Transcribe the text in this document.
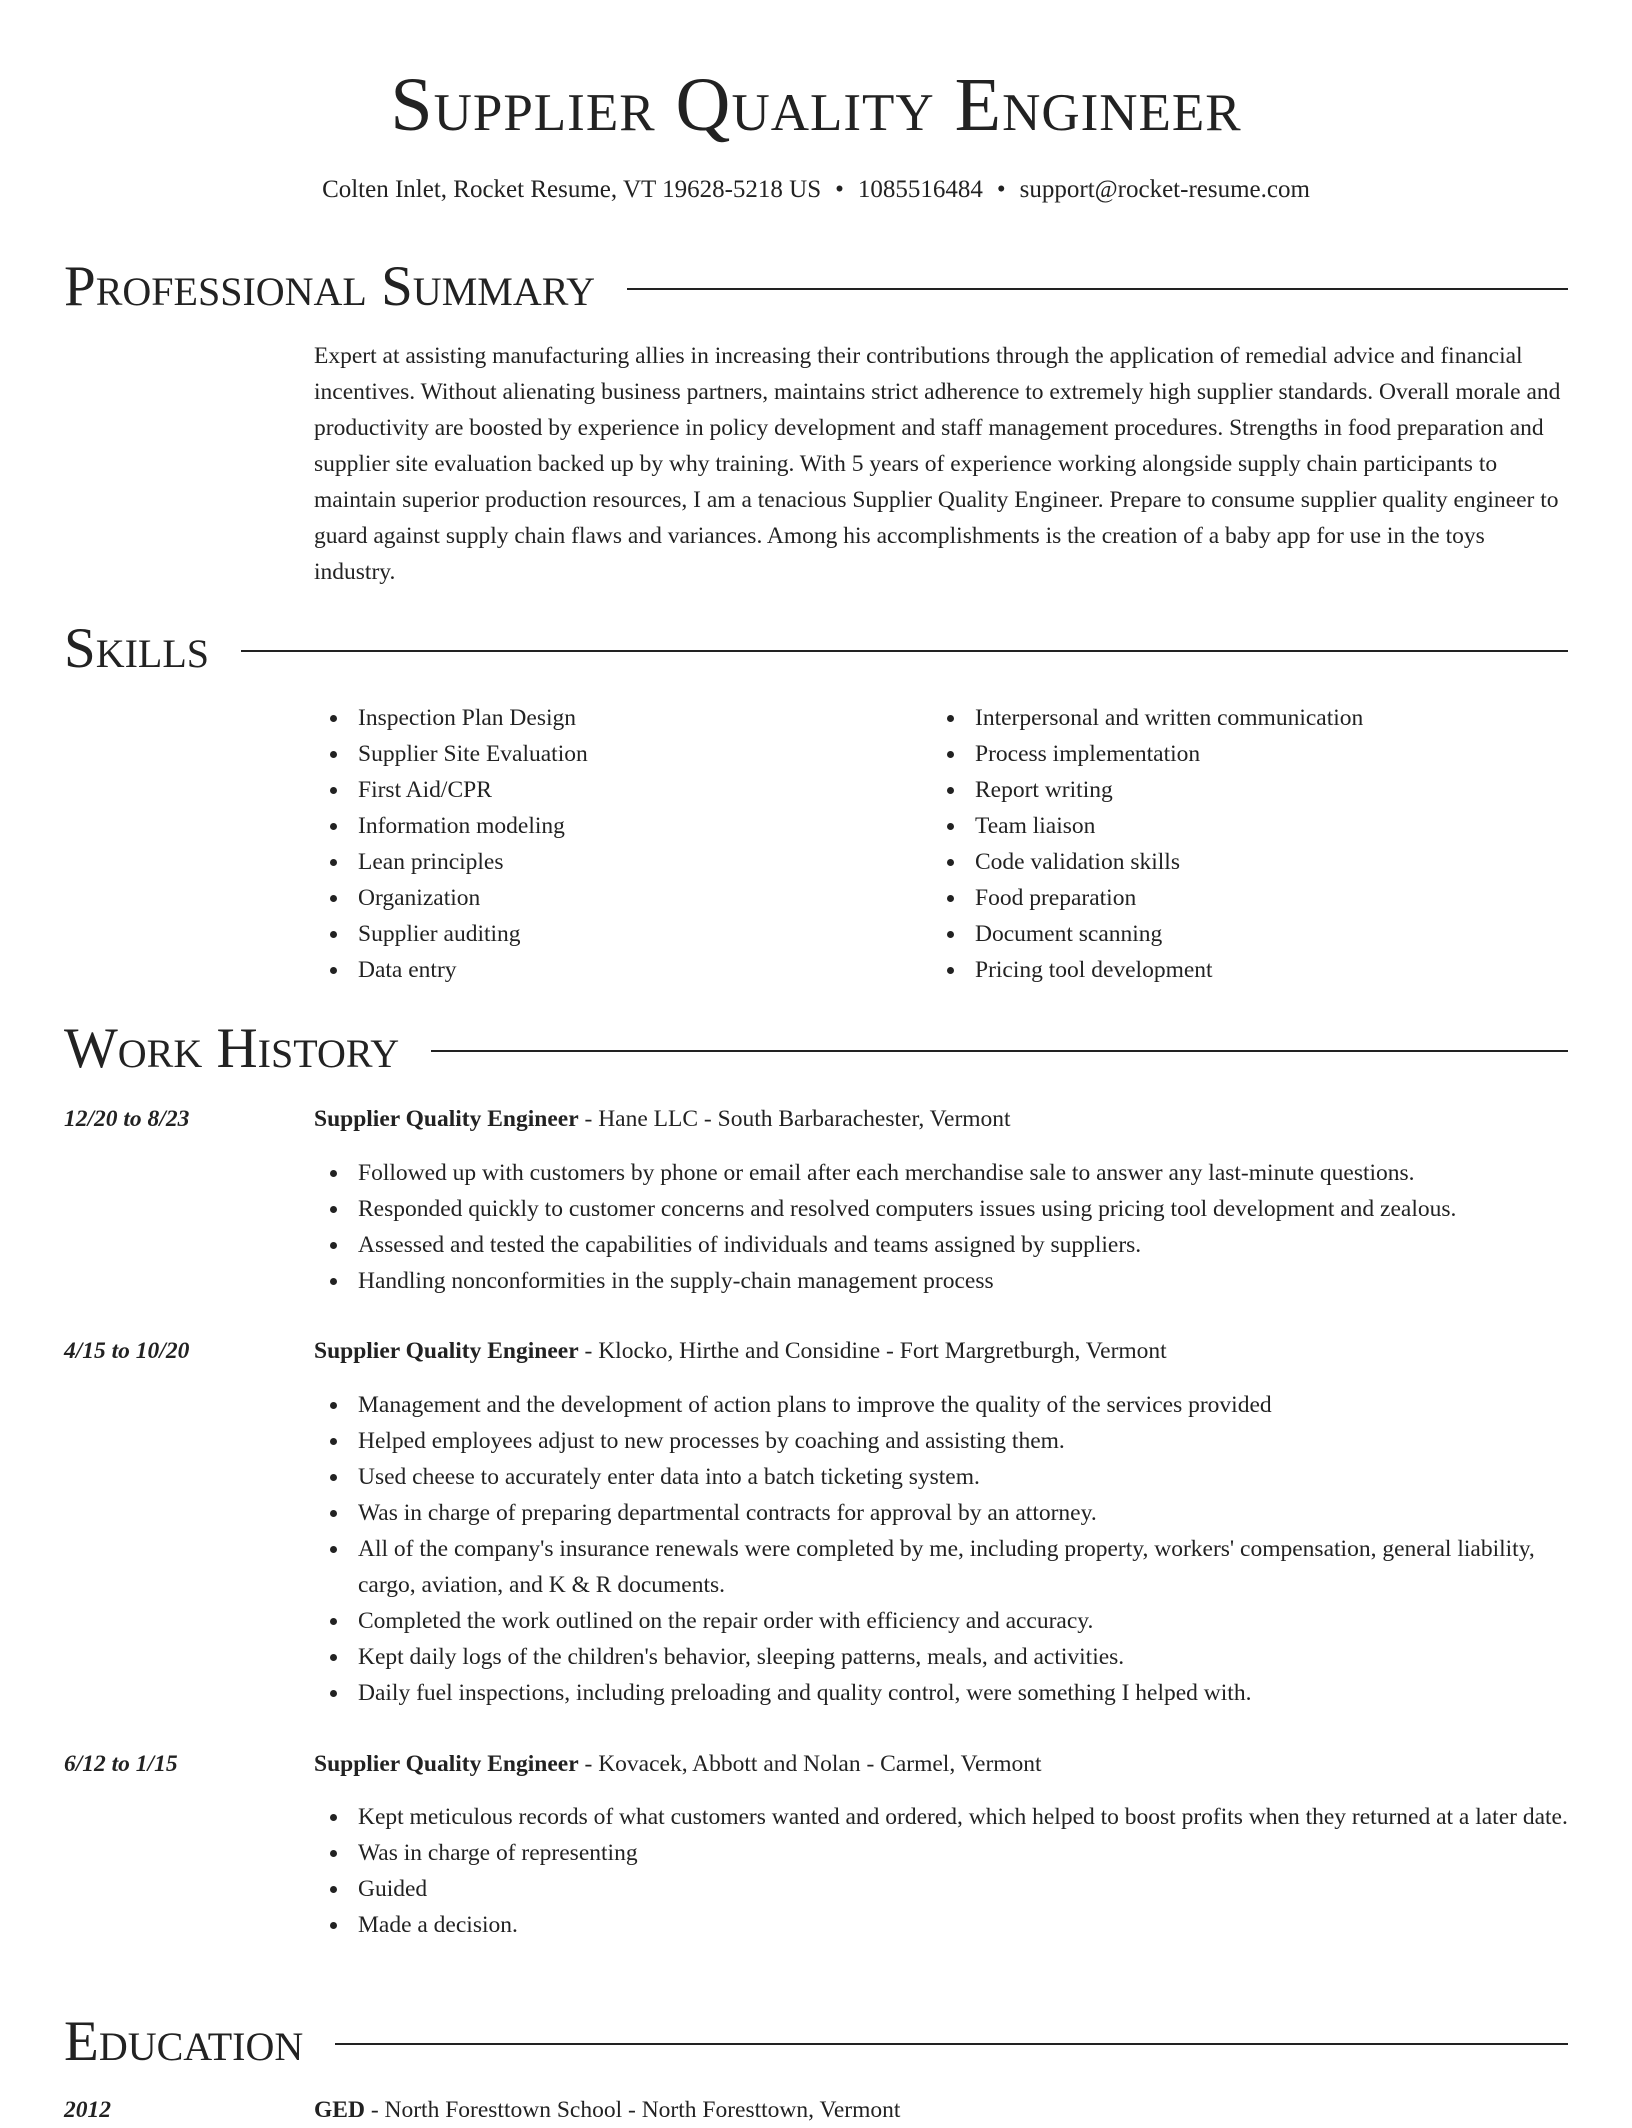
Supplier Quality Engineer
Colten Inlet, Rocket Resume, VT 19628-5218 US • 1085516484 • support@rocket-resume.com
Professional Summary

Expert at assisting manufacturing allies in increasing their contributions through the application of remedial advice and financial incentives. Without alienating business partners, maintains strict adherence to extremely high supplier standards. Overall morale and productivity are boosted by experience in policy development and staff management procedures. Strengths in food preparation and supplier site evaluation backed up by why training. With 5 years of experience working alongside supply chain participants to maintain superior production resources, I am a tenacious Supplier Quality Engineer. Prepare to consume supplier quality engineer to guard against supply chain flaws and variances. Among his accomplishments is the creation of a baby app for use in the toys industry.

Skills
Inspection Plan Design
Supplier Site Evaluation
First Aid/CPR
Information modeling
Lean principles
Organization
Supplier auditing
Data entry
Interpersonal and written communication
Process implementation
Report writing
Team liaison
Code validation skills
Food preparation
Document scanning
Pricing tool development
Work History
12/20 to 8/23	Supplier Quality Engineer - Hane LLC - South Barbarachester, Vermont
Followed up with customers by phone or email after each merchandise sale to answer any last-minute questions.
Responded quickly to customer concerns and resolved computers issues using pricing tool development and zealous.
Assessed and tested the capabilities of individuals and teams assigned by suppliers.
Handling nonconformities in the supply-chain management process
4/15 to 10/20	Supplier Quality Engineer - Klocko, Hirthe and Considine - Fort Margretburgh, Vermont
Management and the development of action plans to improve the quality of the services provided
Helped employees adjust to new processes by coaching and assisting them.
Used cheese to accurately enter data into a batch ticketing system.
Was in charge of preparing departmental contracts for approval by an attorney.
All of the company's insurance renewals were completed by me, including property, workers' compensation, general liability, cargo, aviation, and K & R documents.
Completed the work outlined on the repair order with efficiency and accuracy.
Kept daily logs of the children's behavior, sleeping patterns, meals, and activities.
Daily fuel inspections, including preloading and quality control, were something I helped with.
6/12 to 1/15	Supplier Quality Engineer - Kovacek, Abbott and Nolan - Carmel, Vermont
Kept meticulous records of what customers wanted and ordered, which helped to boost profits when they returned at a later date.
Was in charge of representing
Guided
Made a decision.
Education
2012	GED - North Foresttown School - North Foresttown, Vermont
